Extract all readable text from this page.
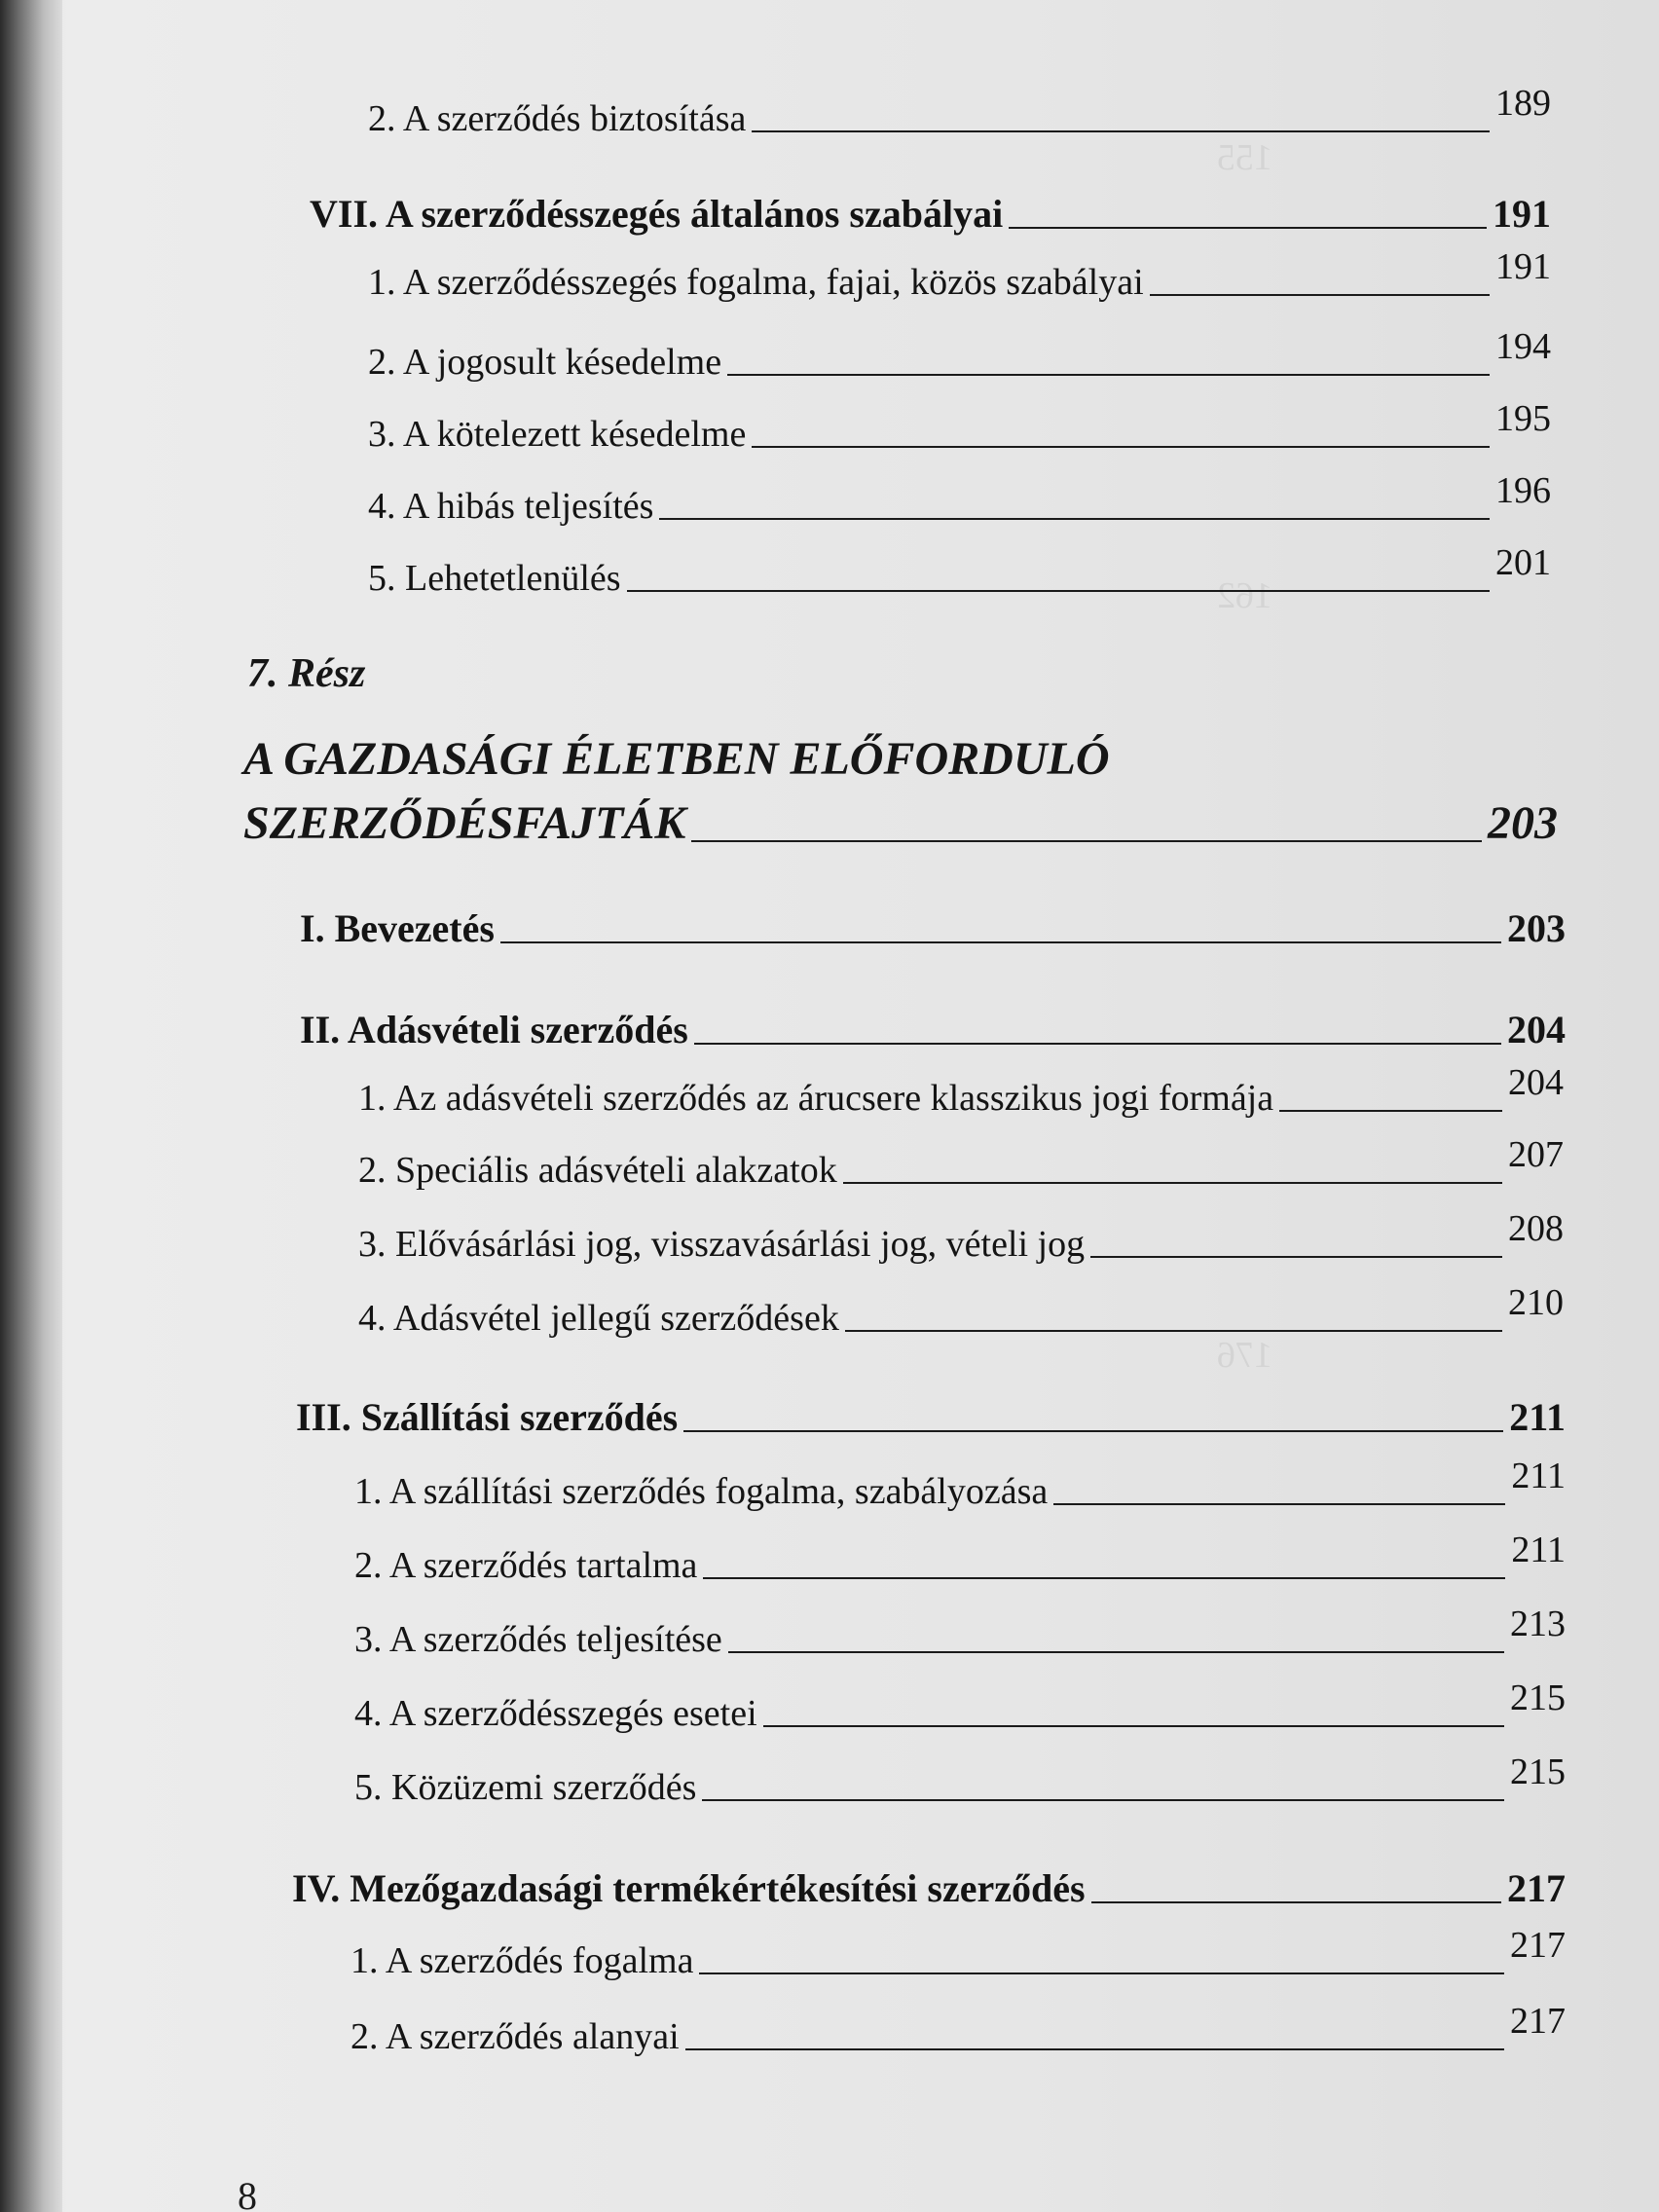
155
162
176
2. A szerződés biztosítása	189
VII. A szerződésszegés általános szabályai	191
1. A szerződésszegés fogalma, fajai, közös szabályai	191
2. A jogosult késedelme	194
3. A kötelezett késedelme	195
4. A hibás teljesítés	196
5. Lehetetlenülés	201
7. Rész
A GAZDASÁGI ÉLETBEN ELŐFORDULÓ
SZERZŐDÉSFAJTÁK	203
I. Bevezetés	203
II. Adásvételi szerződés	204
1. Az adásvételi szerződés az árucsere klasszikus jogi formája	204
2. Speciális adásvételi alakzatok	207
3. Elővásárlási jog, visszavásárlási jog, vételi jog	208
4. Adásvétel jellegű szerződések	210
III. Szállítási szerződés	211
1. A szállítási szerződés fogalma, szabályozása	211
2. A szerződés tartalma	211
3. A szerződés teljesítése	213
4. A szerződésszegés esetei	215
5. Közüzemi szerződés	215
IV. Mezőgazdasági termékértékesítési szerződés	217
1. A szerződés fogalma	217
2. A szerződés alanyai	217
8
